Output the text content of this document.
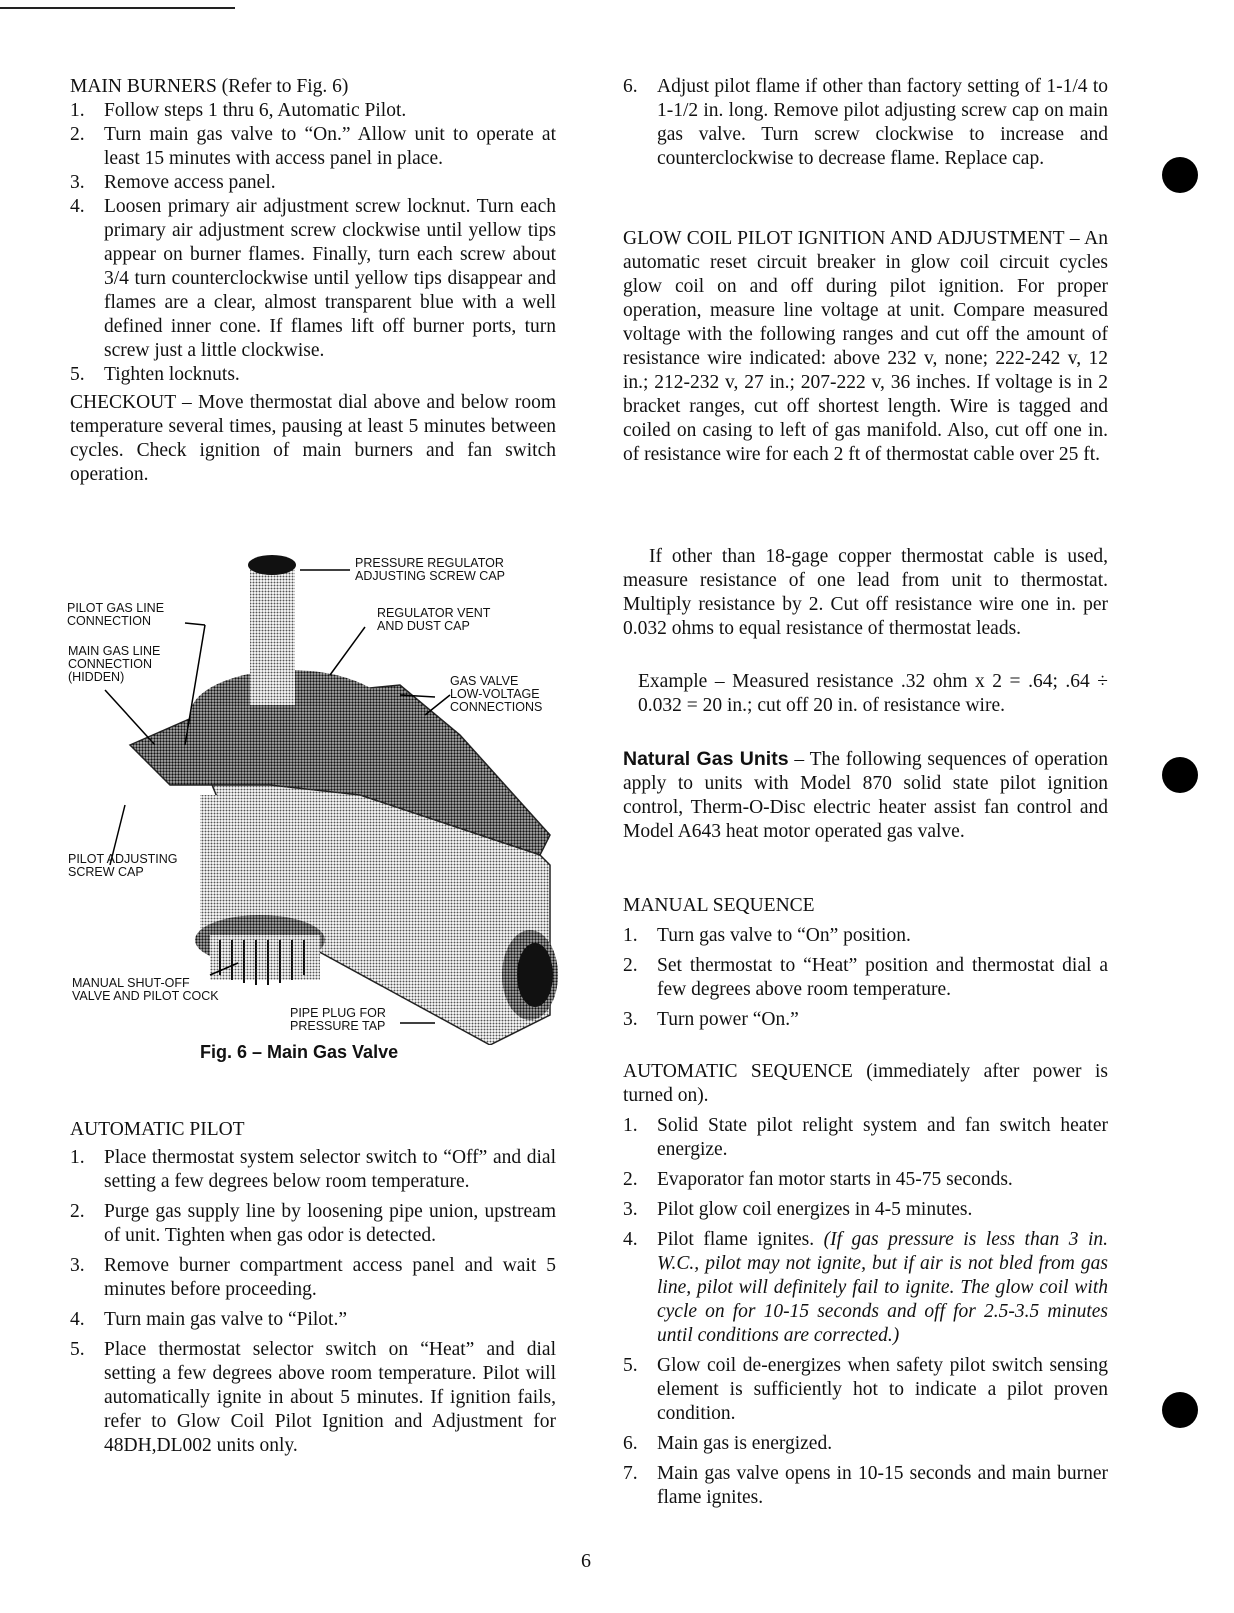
MAIN BURNERS (Refer to Fig. 6)
1. Follow steps 1 thru 6, Automatic Pilot.
2. Turn main gas valve to “On.” Allow unit to operate at least 15 minutes with access panel in place.
3. Remove access panel.
4. Loosen primary air adjustment screw locknut. Turn each primary air adjustment screw clockwise until yellow tips appear on burner flames. Finally, turn each screw about 3/4 turn counterclockwise until yellow tips disappear and flames are a clear, almost transparent blue with a well defined inner cone. If flames lift off burner ports, turn screw just a little clockwise.
5. Tighten locknuts.
CHECKOUT – Move thermostat dial above and below room temperature several times, pausing at least 5 minutes between cycles. Check ignition of main burners and fan switch operation.
PRESSURE REGULATOR
ADJUSTING SCREW CAP
PILOT GAS LINE
CONNECTION
REGULATOR VENT
AND DUST CAP
MAIN GAS LINE
CONNECTION
(HIDDEN)	GAS VALVE
LOW-VOLTAGE
CONNECTIONS
PILOT ADJUSTING
SCREW CAP
MANUAL SHUT-OFF
VALVE AND PILOT COCK
PIPE PLUG FOR
PRESSURE TAP
Fig. 6 – Main Gas Valve
AUTOMATIC PILOT
1. Place thermostat system selector switch to “Off” and dial setting a few degrees below room temperature.
2. Purge gas supply line by loosening pipe union, upstream of unit. Tighten when gas odor is detected.
3. Remove burner compartment access panel and wait 5 minutes before proceeding.
4. Turn main gas valve to “Pilot.”
5. Place thermostat selector switch on “Heat” and dial setting a few degrees above room temperature. Pilot will automatically ignite in about 5 minutes. If ignition fails, refer to Glow Coil Pilot Ignition and Adjustment for 48DH,DL002 units only.
6. Adjust pilot flame if other than factory setting of 1-1/4 to 1-1/2 in. long. Remove pilot adjusting screw cap on main gas valve. Turn screw clockwise to increase and counterclockwise to decrease flame. Replace cap.
GLOW COIL PILOT IGNITION AND ADJUSTMENT – An automatic reset circuit breaker in glow coil circuit cycles glow coil on and off during pilot ignition. For proper operation, measure line voltage at unit. Compare measured voltage with the following ranges and cut off the amount of resistance wire indicated: above 232 v, none; 222-242 v, 12 in.; 212-232 v, 27 in.; 207-222 v, 36 inches. If voltage is in 2 bracket ranges, cut off shortest length. Wire is tagged and coiled on casing to left of gas manifold. Also, cut off one in. of resistance wire for each 2 ft of thermostat cable over 25 ft.
If other than 18-gage copper thermostat cable is used, measure resistance of one lead from unit to thermostat. Multiply resistance by 2. Cut off resistance wire one in. per 0.032 ohms to equal resistance of thermostat leads.
Example – Measured resistance .32 ohm x 2 = .64; .64 ÷ 0.032 = 20 in.; cut off 20 in. of resistance wire.
Natural Gas Units – The following sequences of operation apply to units with Model 870 solid state pilot ignition control, Therm-O-Disc electric heater assist fan control and Model A643 heat motor operated gas valve.
MANUAL SEQUENCE
1. Turn gas valve to “On” position.
2. Set thermostat to “Heat” position and thermostat dial a few degrees above room temperature.
3. Turn power “On.”
AUTOMATIC SEQUENCE (immediately after power is turned on).
1. Solid State pilot relight system and fan switch heater energize.
2. Evaporator fan motor starts in 45-75 seconds.
3. Pilot glow coil energizes in 4-5 minutes.
4. Pilot flame ignites. (If gas pressure is less than 3 in. W.C., pilot may not ignite, but if air is not bled from gas line, pilot will definitely fail to ignite. The glow coil with cycle on for 10-15 seconds and off for 2.5-3.5 minutes until conditions are corrected.)
5. Glow coil de-energizes when safety pilot switch sensing element is sufficiently hot to indicate a pilot proven condition.
6. Main gas is energized.
7. Main gas valve opens in 10-15 seconds and main burner flame ignites.
6
